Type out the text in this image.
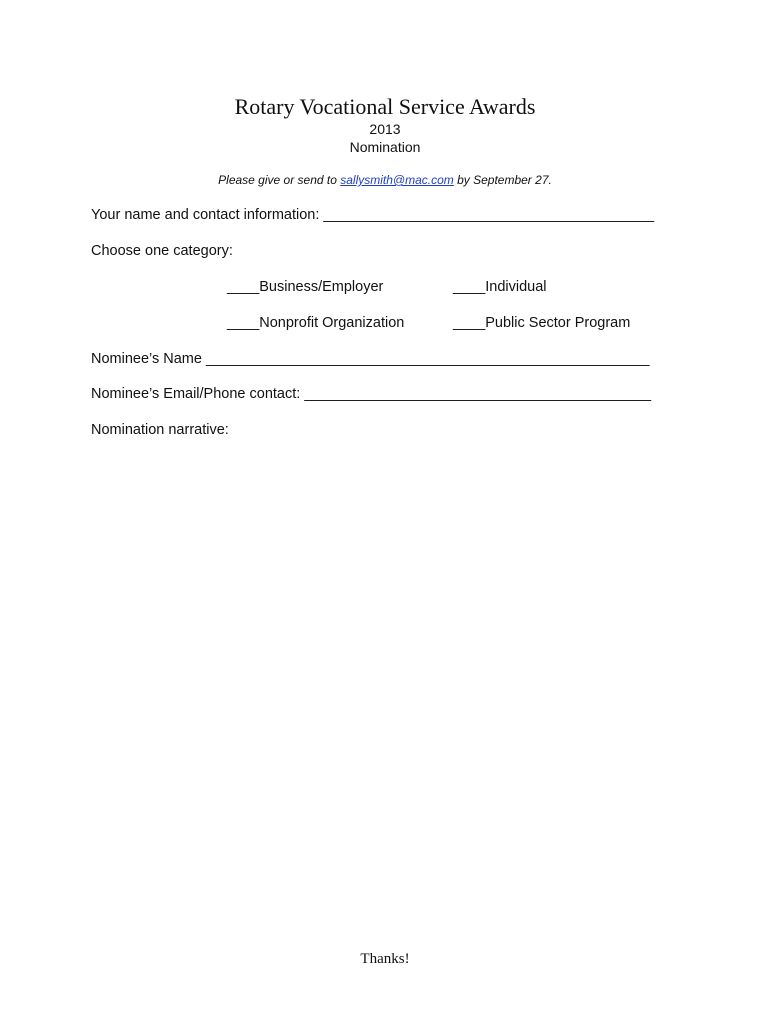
Rotary Vocational Service Awards
2013
Nomination
Please give or send to sallysmith@mac.com by September 27.
Your name and contact information: _________________________________________
Choose one category:
____Business/Employer	____Individual
____Nonprofit Organization	____Public Sector Program
Nominee’s Name _______________________________________________________
Nominee’s Email/Phone contact: ___________________________________________
Nomination narrative:
Thanks!
